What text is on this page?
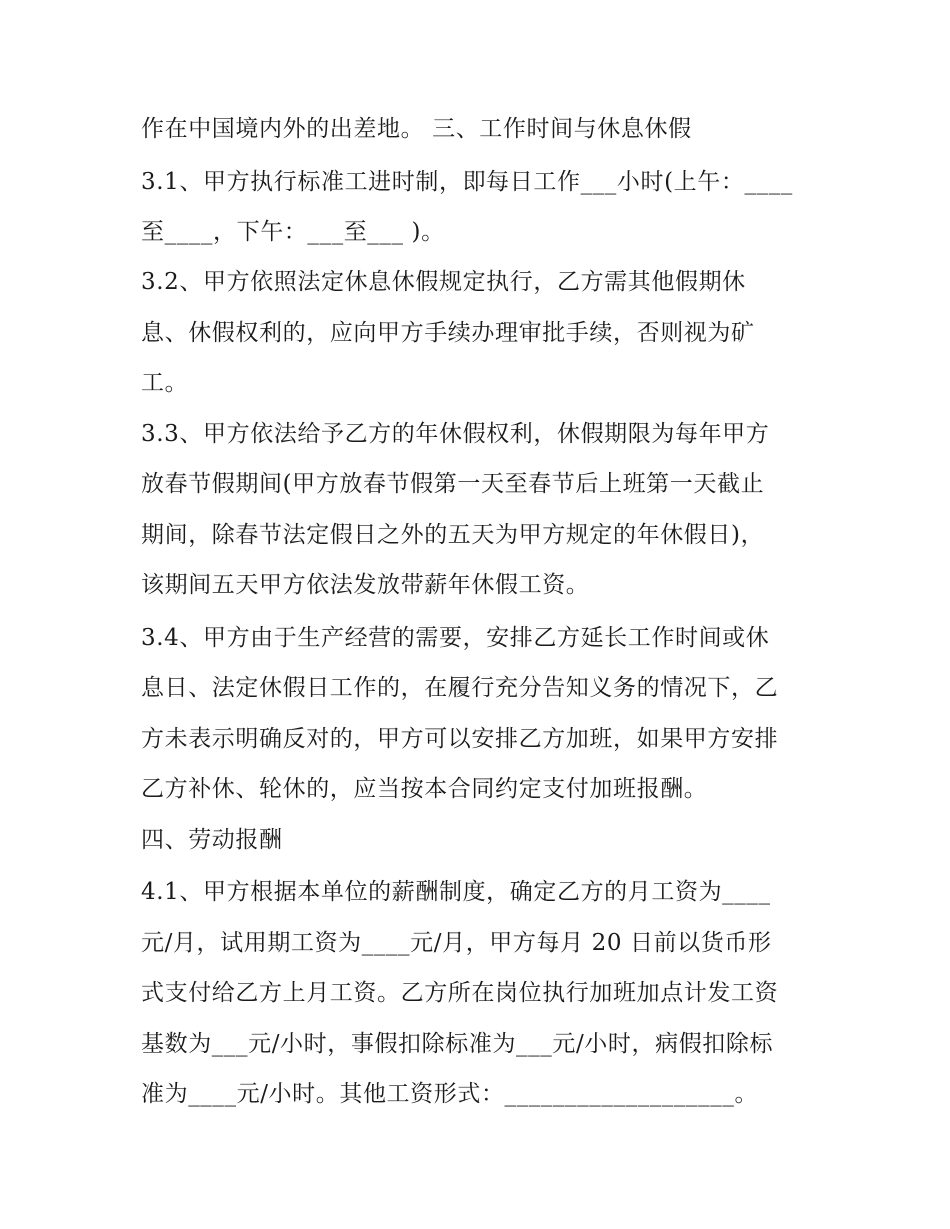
作在中国境内外的出差地。 三、工作时间与休息休假
3.1、甲方执行标准工进时制，即每日工作___小时(上午：____
至____，下午：___至___ )。
3.2、甲方依照法定休息休假规定执行，乙方需其他假期休
息、休假权利的，应向甲方手续办理审批手续，否则视为矿
工。
3.3、甲方依法给予乙方的年休假权利，休假期限为每年甲方
放春节假期间(甲方放春节假第一天至春节后上班第一天截止
期间，除春节法定假日之外的五天为甲方规定的年休假日)，
该期间五天甲方依法发放带薪年休假工资。
3.4、甲方由于生产经营的需要，安排乙方延长工作时间或休
息日、法定休假日工作的，在履行充分告知义务的情况下，乙
方未表示明确反对的，甲方可以安排乙方加班，如果甲方安排
乙方补休、轮休的，应当按本合同约定支付加班报酬。
四、劳动报酬
4.1、甲方根据本单位的薪酬制度，确定乙方的月工资为____
元/月，试用期工资为____元/月，甲方每月 20 日前以货币形
式支付给乙方上月工资。乙方所在岗位执行加班加点计发工资
基数为___元/小时，事假扣除标准为___元/小时，病假扣除标
准为____元/小时。其他工资形式：___________________。
